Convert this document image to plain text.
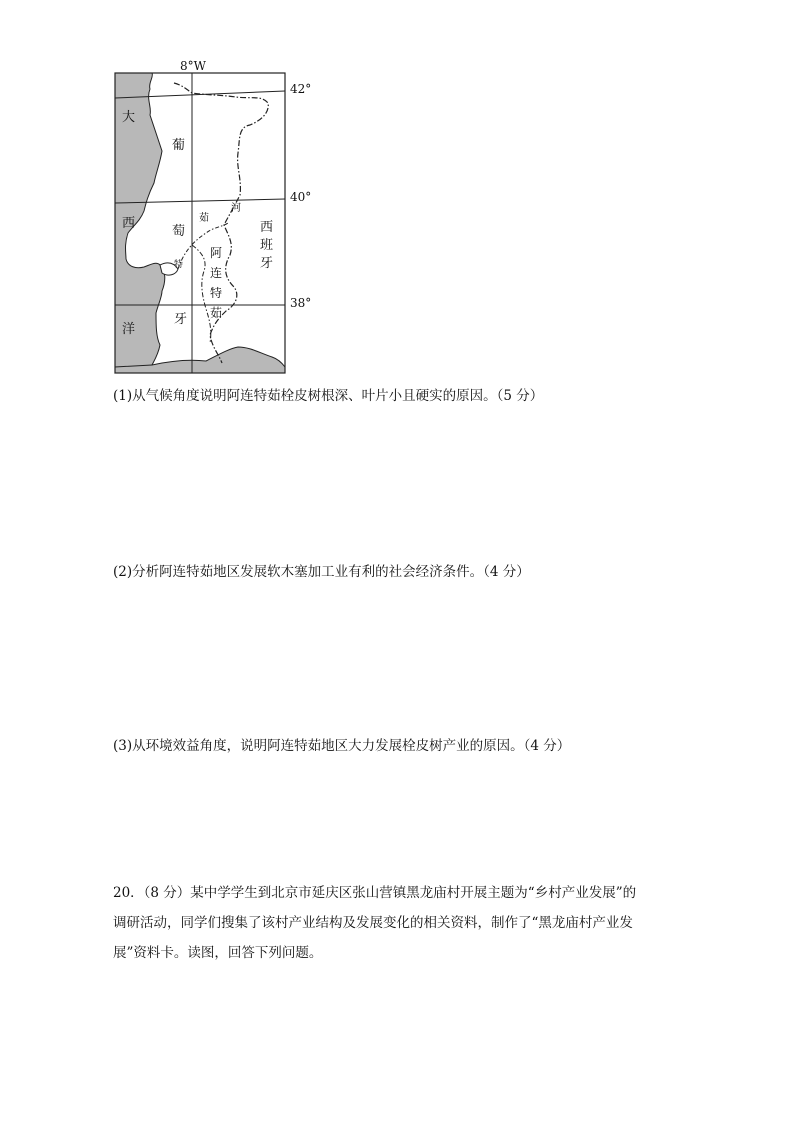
8°W
42°
40°
38°
大
西
洋
葡
萄
牙
西
班
牙
阿
连
特
茹
茹
河
特
(1)从气候角度说明阿连特茹栓皮树根深、叶片小且硬实的原因。（5 分）
(2)分析阿连特茹地区发展软木塞加工业有利的社会经济条件。（4 分）
(3)从环境效益角度，说明阿连特茹地区大力发展栓皮树产业的原因。（4 分）
20．（8 分）某中学学生到北京市延庆区张山营镇黑龙庙村开展主题为“乡村产业发展”的
调研活动，同学们搜集了该村产业结构及发展变化的相关资料，制作了“黑龙庙村产业发
展”资料卡。读图，回答下列问题。
